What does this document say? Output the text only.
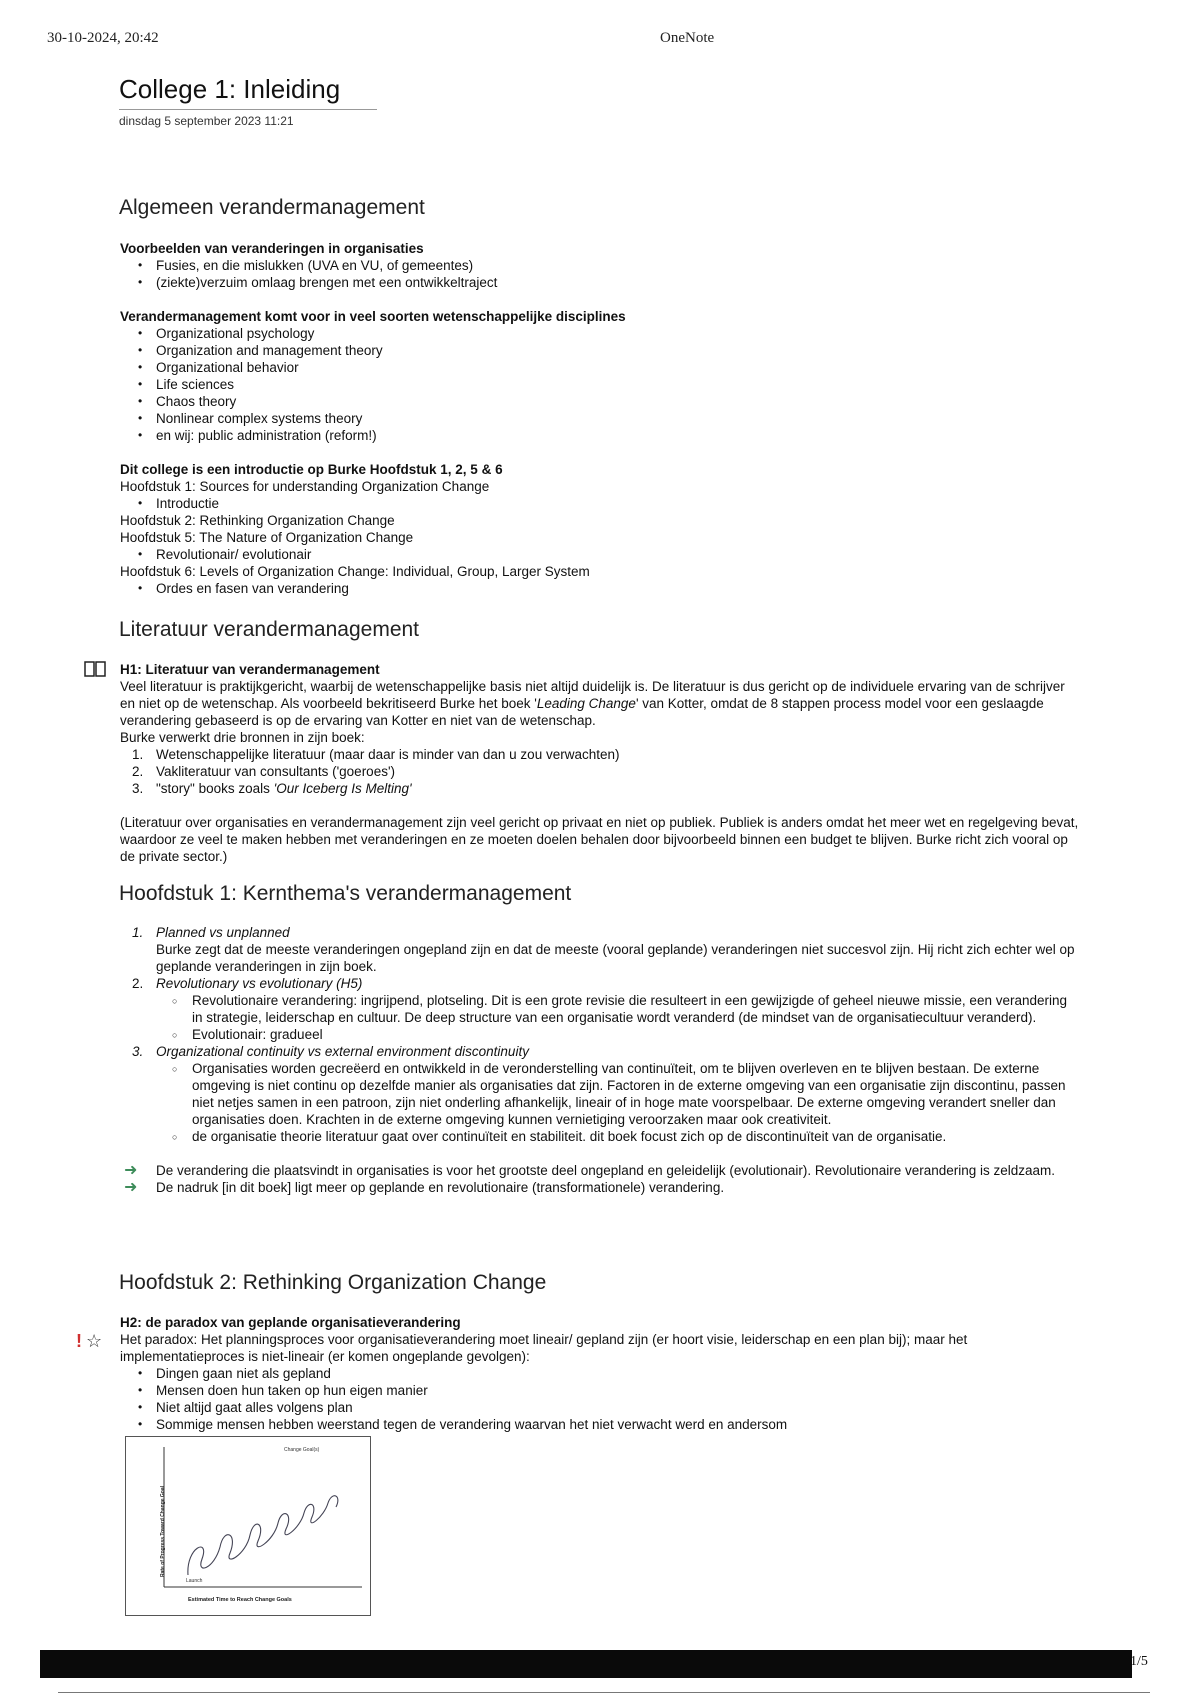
30-10-2024, 20:42	OneNote
College 1: Inleiding
dinsdag 5 september 2023 11:21
Algemeen verandermanagement

Voorbeelden van veranderingen in organisaties

• Fusies, en die mislukken (UVA en VU, of gemeentes)
• (ziekte)verzuim omlaag brengen met een ontwikkeltraject

Verandermanagement komt voor in veel soorten wetenschappelijke disciplines

• Organizational psychology
• Organization and management theory
• Organizational behavior
• Life sciences
• Chaos theory
• Nonlinear complex systems theory
• en wij: public administration (reform!)

Dit college is een introductie op Burke Hoofdstuk 1, 2, 5 & 6

Hoofdstuk 1: Sources for understanding Organization Change

• Introductie

Hoofdstuk 2: Rethinking Organization Change

Hoofdstuk 5: The Nature of Organization Change

• Revolutionair/ evolutionair

Hoofdstuk 6: Levels of Organization Change: Individual, Group, Larger System

• Ordes en fasen van verandering
Literatuur verandermanagement

H1: Literatuur van verandermanagement

Veel literatuur is praktijkgericht, waarbij de wetenschappelijke basis niet altijd duidelijk is. De literatuur is dus gericht op de individuele ervaring van de schrijver en niet op de wetenschap. Als voorbeeld bekritiseerd Burke het boek 'Leading Change' van Kotter, omdat de 8 stappen process model voor een geslaagde verandering gebaseerd is op de ervaring van Kotter en niet van de wetenschap.

Burke verwerkt drie bronnen in zijn boek:

1. Wetenschappelijke literatuur (maar daar is minder van dan u zou verwachten)
2. Vakliteratuur van consultants ('goeroes')
3. "story" books zoals 'Our Iceberg Is Melting'

(Literatuur over organisaties en verandermanagement zijn veel gericht op privaat en niet op publiek. Publiek is anders omdat het meer wet en regelgeving bevat, waardoor ze veel te maken hebben met veranderingen en ze moeten doelen behalen door bijvoorbeeld binnen een budget te blijven. Burke richt zich vooral op de private sector.)

Hoofdstuk 1: Kernthema's verandermanagement
1. Planned vs unplanned
Burke zegt dat de meeste veranderingen ongepland zijn en dat de meeste (vooral geplande) veranderingen niet succesvol zijn. Hij richt zich echter wel op geplande veranderingen in zijn boek.
2. Revolutionary vs evolutionary (H5)
○ Revolutionaire verandering: ingrijpend, plotseling. Dit is een grote revisie die resulteert in een gewijzigde of geheel nieuwe missie, een verandering in strategie, leiderschap en cultuur. De deep structure van een organisatie wordt veranderd (de mindset van de organisatiecultuur veranderd).
○ Evolutionair: gradueel
3. Organizational continuity vs external environment discontinuity
○ Organisaties worden gecreëerd en ontwikkeld in de veronderstelling van continuïteit, om te blijven overleven en te blijven bestaan. De externe omgeving is niet continu op dezelfde manier als organisaties dat zijn. Factoren in de externe omgeving van een organisatie zijn discontinu, passen niet netjes samen in een patroon, zijn niet onderling afhankelijk, lineair of in hoge mate voorspelbaar. De externe omgeving verandert sneller dan organisaties doen. Krachten in de externe omgeving kunnen vernietiging veroorzaken maar ook creativiteit.
○ de organisatie theorie literatuur gaat over continuïteit en stabiliteit. dit boek focust zich op de discontinuïteit van de organisatie.
➜ De verandering die plaatsvindt in organisaties is voor het grootste deel ongepland en geleidelijk (evolutionair). Revolutionaire verandering is zeldzaam.
➜ De nadruk [in dit boek] ligt meer op geplande en revolutionaire (transformationele) verandering.
Hoofdstuk 2: Rethinking Organization Change
! ☆

H2: de paradox van geplande organisatieverandering

Het paradox: Het planningsproces voor organisatieverandering moet lineair/ gepland zijn (er hoort visie, leiderschap en een plan bij); maar het implementatieproces is niet-lineair (er komen ongeplande gevolgen):

• Dingen gaan niet als gepland
• Mensen doen hun taken op hun eigen manier
• Niet altijd gaat alles volgens plan
• Sommige mensen hebben weerstand tegen de verandering waarvan het niet verwacht werd en andersom
Change Goal(s)
Launch
Estimated Time to Reach Change Goals
Rate of Progress Toward Change Goal
1/5
